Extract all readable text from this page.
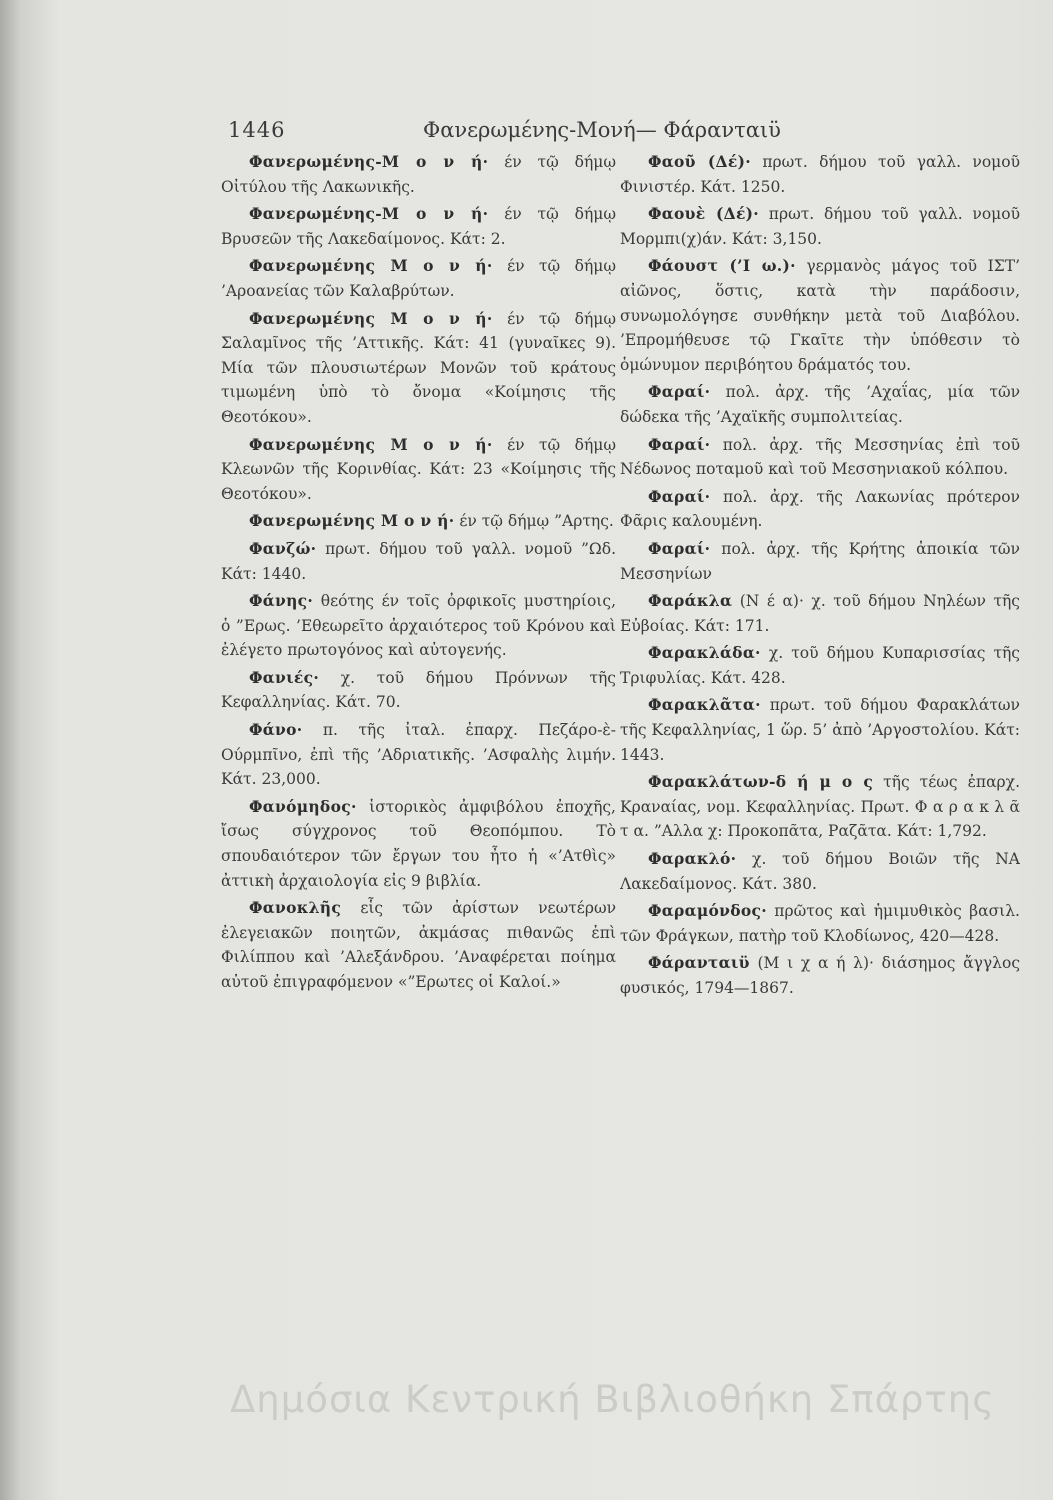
1446	Φανερωμένης-Μονή— Φάρανταιϋ

Φανερωμένης-Μ ο ν ή· έν τῷ δήμῳ Οἰτύλου τῆς Λακωνικῆς.

Φανερωμένης-Μ ο ν ή· έν τῷ δήμῳ Βρυσεῶν τῆς Λακεδαίμονος. Κάτ: 2.

Φανερωμένης Μ ο ν ή· έν τῷ δήμῳ ’Αροανείας τῶν Καλαβρύτων.

Φανερωμένης Μ ο ν ή· έν τῷ δήμῳ Σαλαμῖνος τῆς ’Αττικῆς. Κάτ: 41 (γυναῖκες 9). Μία τῶν πλουσιωτέρων Μονῶν τοῦ κράτους τιμωμένη ὑπὸ τὸ ὄνομα «Κοίμησις τῆς Θεοτόκου».

Φανερωμένης Μ ο ν ή· έν τῷ δήμῳ Κλεωνῶν τῆς Κορινθίας. Κάτ: 23 «Κοίμησις τῆς Θεοτόκου».

Φανερωμένης Μ ο ν ή· έν τῷ δήμῳ ”Αρτης.

Φανζώ· πρωτ. δήμου τοῦ γαλλ. νομοῦ ”Ωδ. Κάτ: 1440.

Φάνης· θεότης έν τοῖς ὀρφικοῖς μυστηρίοις, ὁ ”Ερως. ’Εθεωρεῖτο ἀρχαιότερος τοῦ Κρόνου καὶ ἐλέγετο πρωτογόνος καὶ αὐτογενής.

Φανιές· χ. τοῦ δήμου Πρόννων τῆς Κεφαλληνίας. Κάτ. 70.

Φάνο· π. τῆς ἰταλ. ἐπαρχ. Πεζάρο-ὲ-Ούρμπῖνο, ἐπὶ τῆς ’Αδριατικῆς. ’Ασφαλὴς λιμήν. Κάτ. 23,000.

Φανόμηδος· ἱστορικὸς ἀμφιβόλου ἐποχῆς, ἴσως σύγχρονος τοῦ Θεοπόμπου. Τὸ σπουδαιότερον τῶν ἔργων του ἦτο ἡ «’Ατθὶς» ἀττικὴ ἀρχαιολογία εἰς 9 βιβλία.

Φανοκλῆς εἷς τῶν ἀρίστων νεωτέρων ἐλεγειακῶν ποιητῶν, ἀκμάσας πιθανῶς ἐπὶ Φιλίππου καὶ ’Αλεξάνδρου. ’Αναφέρεται ποίημα αὐτοῦ ἐπιγραφόμενον «”Ερωτες οἱ Καλοί.»

Φαοῦ (Δέ)· πρωτ. δήμου τοῦ γαλλ. νομοῦ Φινιστέρ. Κάτ. 1250.

Φαουὲ (Δέ)· πρωτ. δήμου τοῦ γαλλ. νομοῦ Μορμπι(χ)άν. Κάτ: 3,150.

Φάουστ (’Ι ω.)· γερμανὸς μάγος τοῦ ΙΣΤ’ αἰῶνος, ὅστις, κατὰ τὴν παράδοσιν, συνωμολόγησε συνθήκην μετὰ τοῦ Διαβόλου. ’Επρομήθευσε τῷ Γκαῖτε τὴν ὑπόθεσιν τὸ ὁμώνυμον περιβόητου δράματός του.

Φαραί· πολ. ἀρχ. τῆς ’Αχαΐας, μία τῶν δώδεκα τῆς ’Αχαϊκῆς συμπολιτείας.

Φαραί· πολ. ἀρχ. τῆς Μεσσηνίας ἐπὶ τοῦ Νέδωνος ποταμοῦ καὶ τοῦ Μεσσηνιακοῦ κόλπου.

Φαραί· πολ. ἀρχ. τῆς Λακωνίας πρότερον Φᾶρις καλουμένη.

Φαραί· πολ. ἀρχ. τῆς Κρήτης ἀποικία τῶν Μεσσηνίων

Φαράκλα (Ν έ α)· χ. τοῦ δήμου Νηλέων τῆς Εὐβοίας. Κάτ: 171.

Φαρακλάδα· χ. τοῦ δήμου Κυπαρισσίας τῆς Τριφυλίας. Κάτ. 428.

Φαρακλᾶτα· πρωτ. τοῦ δήμου Φαρακλάτων τῆς Κεφαλληνίας, 1 ὥρ. 5’ ἀπὸ ’Αργοστολίου. Κάτ: 1443.

Φαρακλάτων-δ ή μ ο ς τῆς τέως ἐπαρχ. Κραναίας, νομ. Κεφαλληνίας. Πρωτ. Φ α ρ α κ λ ᾶ τ α. ”Αλλα χ: Προκοπᾶτα, Ραζᾶτα. Κάτ: 1,792.

Φαρακλό· χ. τοῦ δήμου Βοιῶν τῆς ΝΑ Λακεδαίμονος. Κάτ. 380.

Φαραμόνδος· πρῶτος καὶ ἡμιμυθικὸς βασιλ. τῶν Φράγκων, πατὴρ τοῦ Κλοδίωνος, 420—428.

Φάρανταιϋ (Μ ι χ α ή λ)· διάσημος ἄγγλος φυσικός, 1794—1867.

Δημόσια Κεντρική Βιβλιοθήκη Σπάρτης
